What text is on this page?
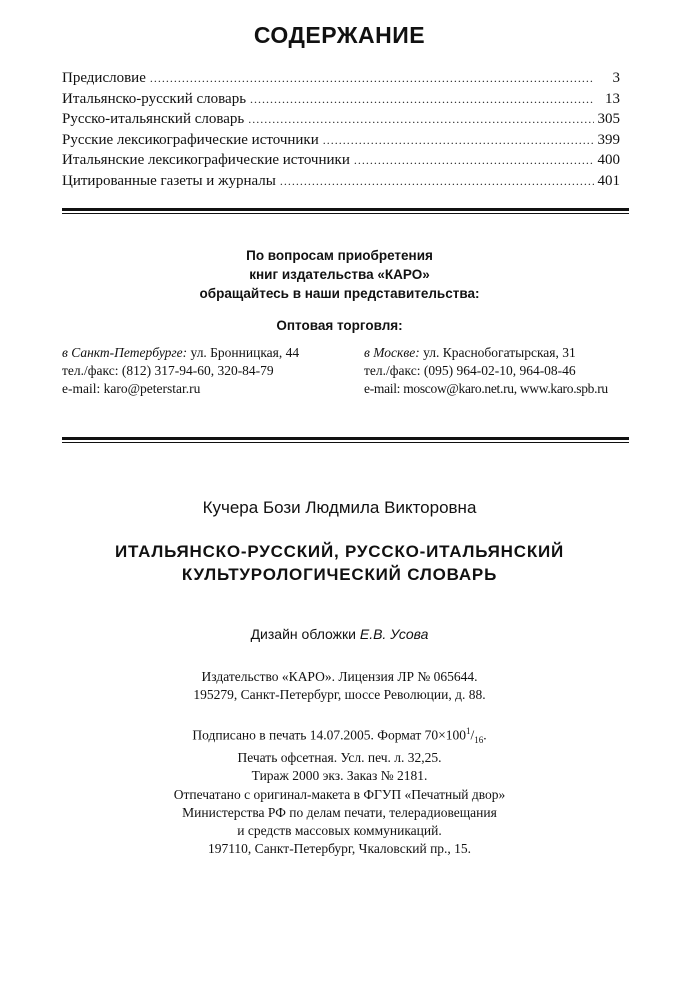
СОДЕРЖАНИЕ
Предисловие .....	3
Итальянско-русский словарь .....	13
Русско-итальянский словарь .....	305
Русские лексикографические источники .....	399
Итальянские лексикографические источники .....	400
Цитированные газеты и журналы .....	401
По вопросам приобретения
книг издательства «КАРО»
обращайтесь в наши представительства:
Оптовая торговля:
в Санкт-Петербурге: ул. Бронницкая, 44
тел./факс: (812) 317-94-60, 320-84-79
e-mail: karo@peterstar.ru
в Москве: ул. Краснобогатырская, 31
тел./факс: (095) 964-02-10, 964-08-46
e-mail: moscow@karo.net.ru, www.karo.spb.ru
Кучера Бози Людмила Викторовна
ИТАЛЬЯНСКО-РУССКИЙ, РУССКО-ИТАЛЬЯНСКИЙ
КУЛЬТУРОЛОГИЧЕСКИЙ СЛОВАРЬ
Дизайн обложки Е.В. Усова
Издательство «КАРО». Лицензия ЛР № 065644.
195279, Санкт-Петербург, шоссе Революции, д. 88.
Подписано в печать 14.07.2005. Формат $70\times 100^1/_{16}$.
Печать офсетная. Усл. печ. л. 32,25.
Тираж 2000 экз. Заказ № 2181.
Отпечатано с оригинал-макета в ФГУП «Печатный двор»
Министерства РФ по делам печати, телерадиовещания
и средств массовых коммуникаций.
197110, Санкт-Петербург, Чкаловский пр., 15.
